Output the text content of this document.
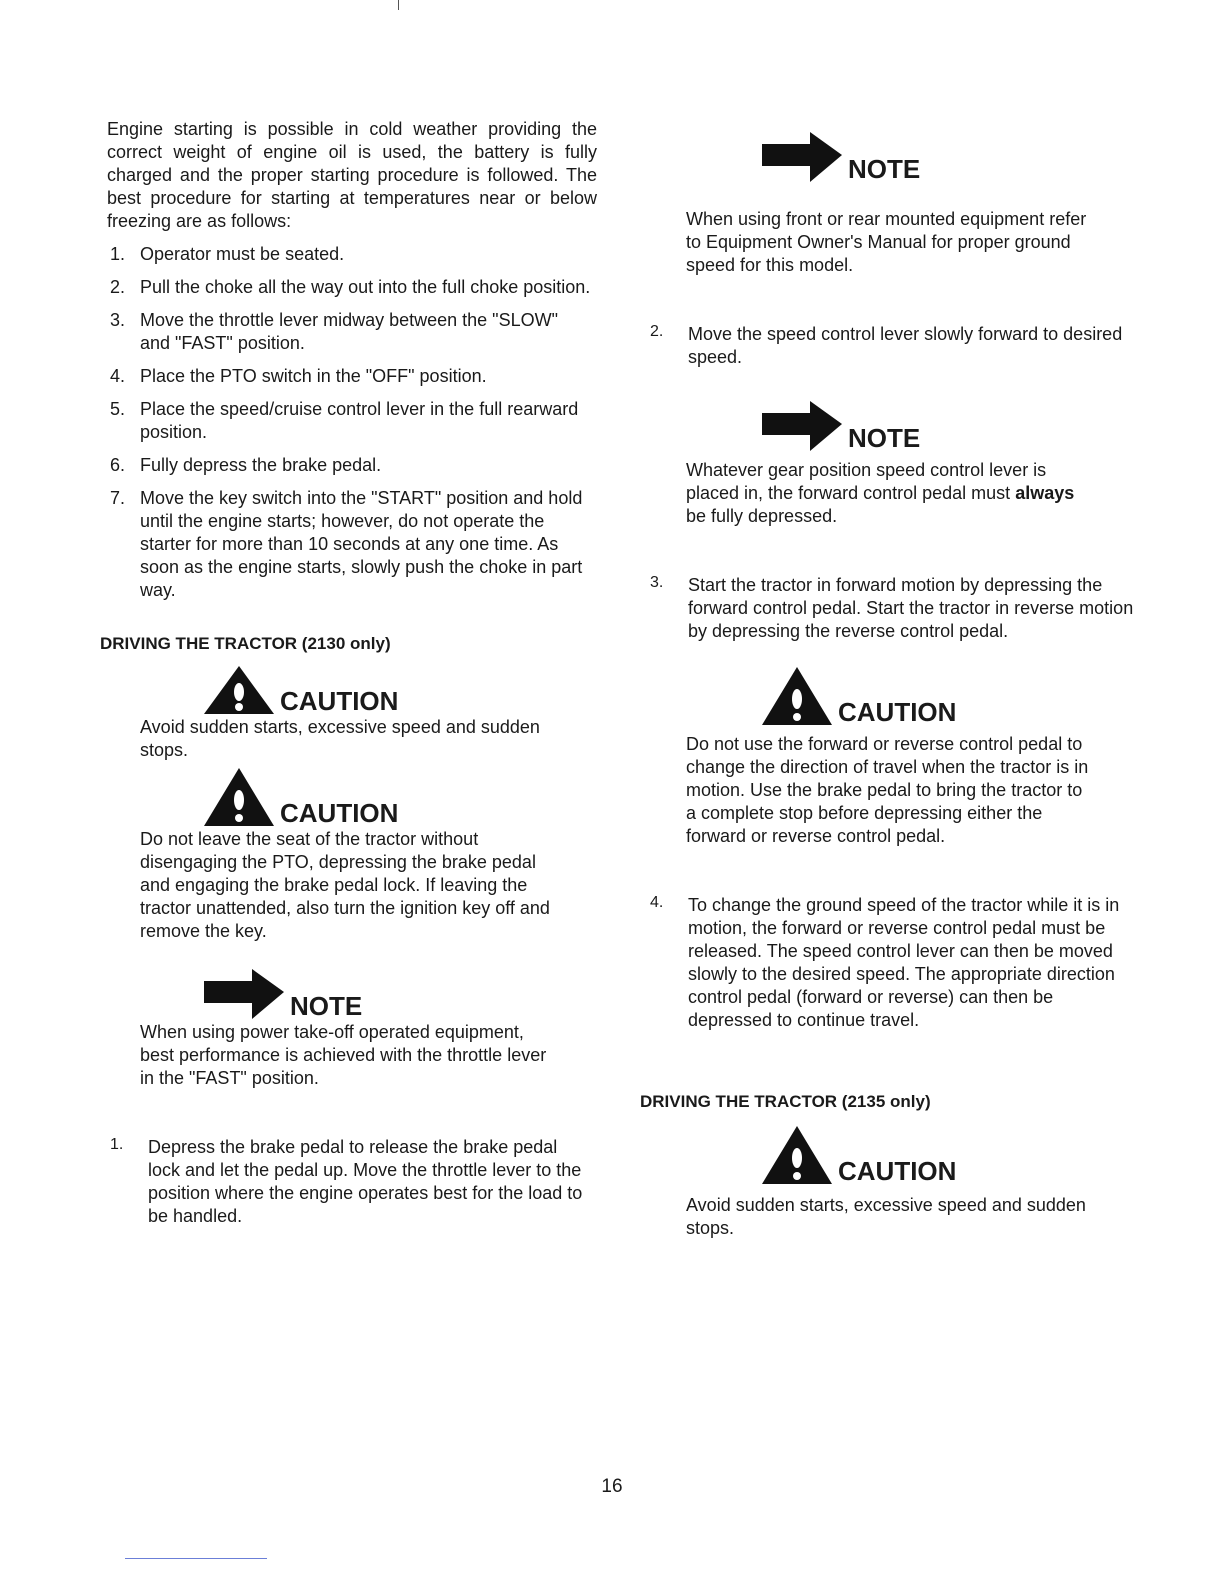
Engine starting is possible in cold weather providing the correct weight of engine oil is used, the battery is fully charged and the proper starting procedure is followed. The best procedure for starting at temperatures near or below freezing are as follows:

1. Operator must be seated.
2. Pull the choke all the way out into the full choke position.
3. Move the throttle lever midway between the "SLOW" and "FAST" position.
4. Place the PTO switch in the "OFF" position.
5. Place the speed/cruise control lever in the full rearward position.
6. Fully depress the brake pedal.
7. Move the key switch into the "START" position and hold until the engine starts; however, do not operate the starter for more than 10 seconds at any one time. As soon as the engine starts, slowly push the choke in part way.
DRIVING THE TRACTOR (2130 only)
CAUTION

Avoid sudden starts, excessive speed and sudden stops.

CAUTION

Do not leave the seat of the tractor without disengaging the PTO, depressing the brake pedal and engaging the brake pedal lock. If leaving the tractor unattended, also turn the ignition key off and remove the key.

NOTE

When using power take-off operated equipment, best performance is achieved with the throttle lever in the "FAST" position.

1. Depress the brake pedal to release the brake pedal lock and let the pedal up. Move the throttle lever to the position where the engine operates best for the load to be handled.

NOTE

When using front or rear mounted equipment refer to Equipment Owner's Manual for proper ground speed for this model.

2. Move the speed control lever slowly forward to desired speed.

NOTE

Whatever gear position speed control lever is placed in, the forward control pedal must always be fully depressed.

3. Start the tractor in forward motion by depressing the forward control pedal. Start the tractor in reverse motion by depressing the reverse control pedal.

CAUTION

Do not use the forward or reverse control pedal to change the direction of travel when the tractor is in motion. Use the brake pedal to bring the tractor to a complete stop before depressing either the forward or reverse control pedal.

4. To change the ground speed of the tractor while it is in motion, the forward or reverse control pedal must be released. The speed control lever can then be moved slowly to the desired speed. The appropriate direction control pedal (forward or reverse) can then be depressed to continue travel.

DRIVING THE TRACTOR (2135 only)
CAUTION

Avoid sudden starts, excessive speed and sudden stops.

16
